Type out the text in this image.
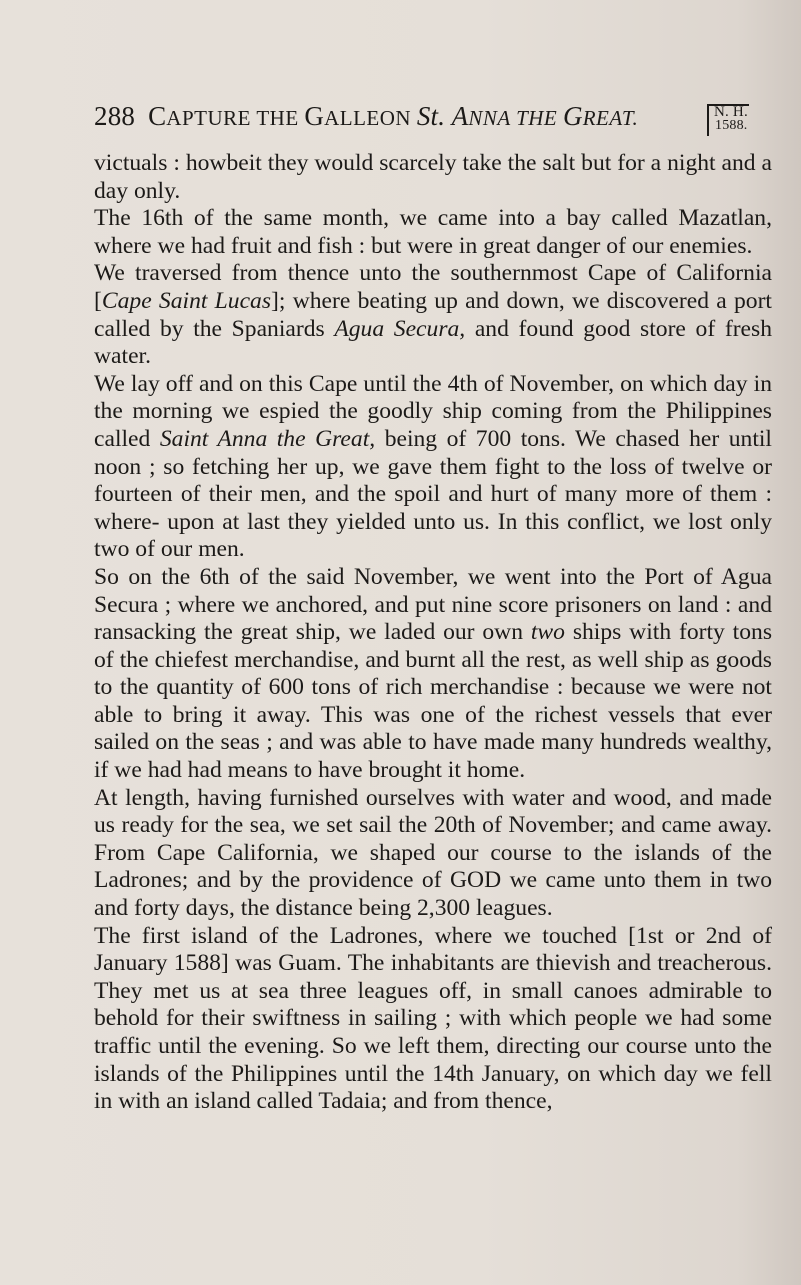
288 CAPTURE THE GALLEON St. ANNA THE GREAT.	N. H.
1588.

victuals : howbeit they would scarcely take the salt but for a night and a day only.

The 16th of the same month, we came into a bay called Mazatlan, where we had fruit and fish : but were in great danger of our enemies.

We traversed from thence unto the southernmost Cape of California [Cape Saint Lucas]; where beating up and down, we discovered a port called by the Spaniards Agua Secura, and found good store of fresh water.

We lay off and on this Cape until the 4th of November, on which day in the morning we espied the goodly ship coming from the Philippines called Saint Anna the Great, being of 700 tons. We chased her until noon ; so fetching her up, we gave them fight to the loss of twelve or fourteen of their men, and the spoil and hurt of many more of them : where- upon at last they yielded unto us. In this conflict, we lost only two of our men.

So on the 6th of the said November, we went into the Port of Agua Secura ; where we anchored, and put nine score prisoners on land : and ransacking the great ship, we laded our own two ships with forty tons of the chiefest merchandise, and burnt all the rest, as well ship as goods to the quantity of 600 tons of rich merchandise : because we were not able to bring it away. This was one of the richest vessels that ever sailed on the seas ; and was able to have made many hundreds wealthy, if we had had means to have brought it home.

At length, having furnished ourselves with water and wood, and made us ready for the sea, we set sail the 20th of November; and came away. From Cape California, we shaped our course to the islands of the Ladrones; and by the providence of GOD we came unto them in two and forty days, the distance being 2,300 leagues.

The first island of the Ladrones, where we touched [1st or 2nd of January 1588] was Guam. The inhabitants are thievish and treacherous. They met us at sea three leagues off, in small canoes admirable to behold for their swiftness in sailing ; with which people we had some traffic until the evening. So we left them, directing our course unto the islands of the Philippines until the 14th January, on which day we fell in with an island called Tadaia; and from thence,
